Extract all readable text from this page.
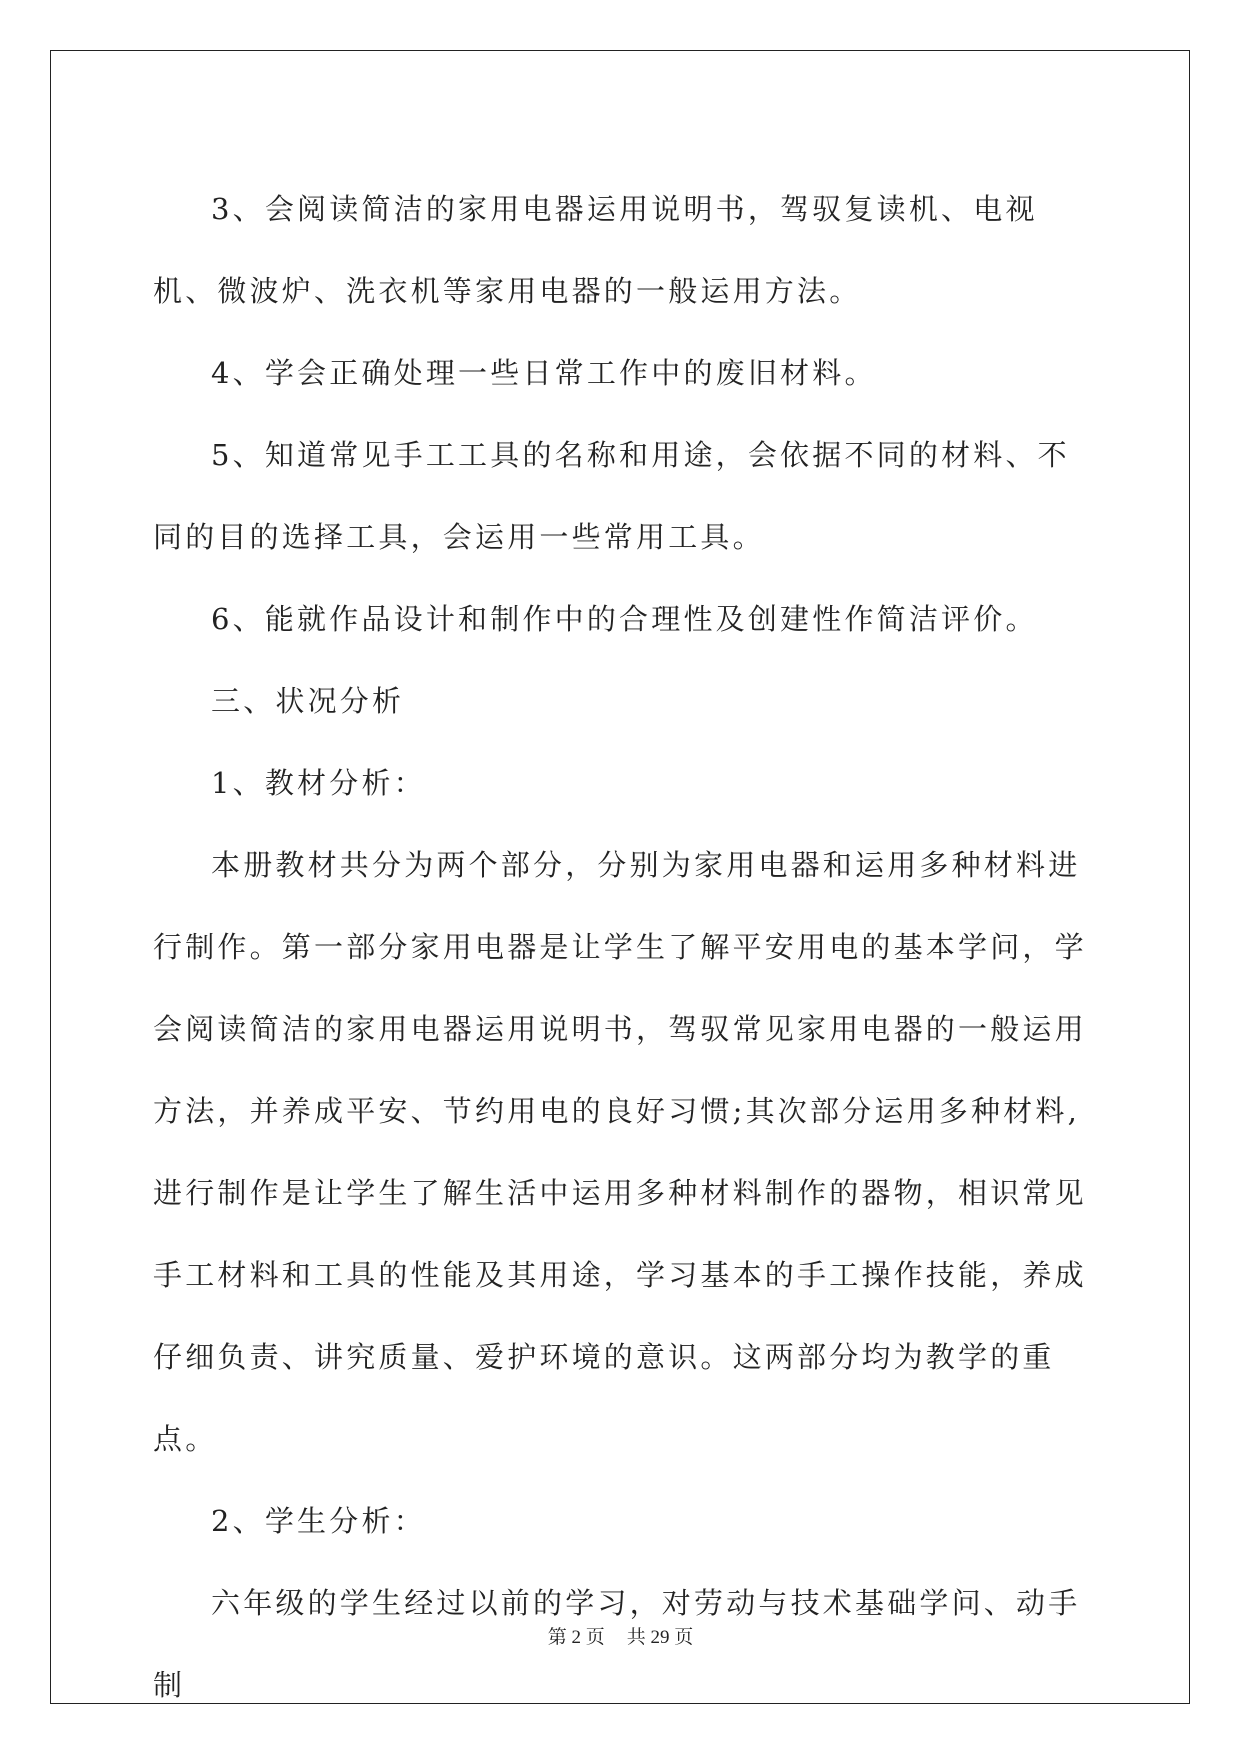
3、会阅读简洁的家用电器运用说明书，驾驭复读机、电视机、微波炉、洗衣机等家用电器的一般运用方法。

4、学会正确处理一些日常工作中的废旧材料。

5、知道常见手工工具的名称和用途，会依据不同的材料、不同的目的选择工具，会运用一些常用工具。

6、能就作品设计和制作中的合理性及创建性作简洁评价。

三、状况分析

1、教材分析：

本册教材共分为两个部分，分别为家用电器和运用多种材料进行制作。第一部分家用电器是让学生了解平安用电的基本学问，学会阅读简洁的家用电器运用说明书，驾驭常见家用电器的一般运用方法，并养成平安、节约用电的良好习惯;其次部分运用多种材料,进行制作是让学生了解生活中运用多种材料制作的器物，相识常见手工材料和工具的性能及其用途，学习基本的手工操作技能，养成仔细负责、讲究质量、爱护环境的意识。这两部分均为教学的重点。

2、学生分析：

六年级的学生经过以前的学习，对劳动与技术基础学问、动手制

第 2 页 共 29 页
